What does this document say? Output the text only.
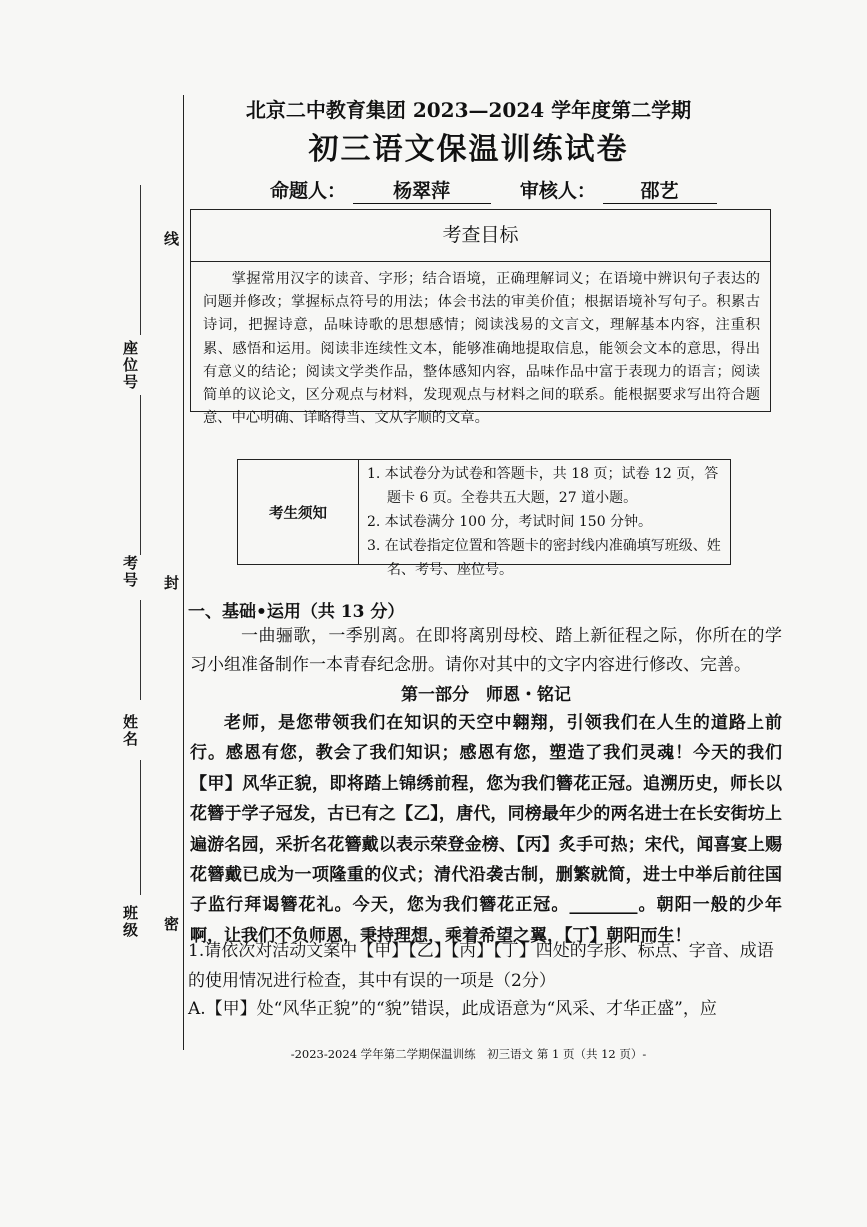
线
座位号
考号 封
姓名
班级 密
北京二中教育集团 2023—2024 学年度第二学期
初三语文保温训练试卷
命题人： 杨翠萍	审核人： 邵艺
考查目标
掌握常用汉字的读音、字形；结合语境，正确理解词义；在语境中辨识句子表达的问题并修改；掌握标点符号的用法；体会书法的审美价值；根据语境补写句子。积累古诗词，把握诗意，品味诗歌的思想感情；阅读浅易的文言文，理解基本内容，注重积累、感悟和运用。阅读非连续性文本，能够准确地提取信息，能领会文本的意思，得出有意义的结论；阅读文学类作品，整体感知内容，品味作品中富于表现力的语言；阅读简单的议论文，区分观点与材料，发现观点与材料之间的联系。能根据要求写出符合题意、中心明确、详略得当、文从字顺的文章。
考生须知
1. 本试卷分为试卷和答题卡，共 18 页；试卷 12 页，答题卡 6 页。全卷共五大题，27 道小题。
2. 本试卷满分 100 分，考试时间 150 分钟。
3. 在试卷指定位置和答题卡的密封线内准确填写班级、姓名、考号、座位号。
一、基础•运用（共 13 分）
一曲骊歌，一季别离。在即将离别母校、踏上新征程之际，你所在的学习小组准备制作一本青春纪念册。请你对其中的文字内容进行修改、完善。
第一部分　师恩・铭记
老师，是您带领我们在知识的天空中翱翔，引领我们在人生的道路上前行。感恩有您，教会了我们知识；感恩有您，塑造了我们灵魂！今天的我们【甲】风华正貌，即将踏上锦绣前程，您为我们簪花正冠。追溯历史，师长以花簪于学子冠发，古已有之【乙】，唐代，同榜最年少的两名进士在长安街坊上遍游名园，采折名花簪戴以表示荣登金榜、【丙】炙手可热；宋代，闻喜宴上赐花簪戴已成为一项隆重的仪式；清代沿袭古制，删繁就简，进士中举后前往国子监行拜谒簪花礼。今天，您为我们簪花正冠。________。朝阳一般的少年啊，让我们不负师恩，秉持理想，乘着希望之翼，【丁】朝阳而生！
1.请依次对活动文案中【甲】【乙】【丙】【丁】四处的字形、标点、字音、成语的使用情况进行检查，其中有误的一项是（2分）
A.【甲】处“风华正貌”的“貌”错误，此成语意为“风采、才华正盛”，应
-2023-2024 学年第二学期保温训练　初三语文 第 1 页（共 12 页）-
